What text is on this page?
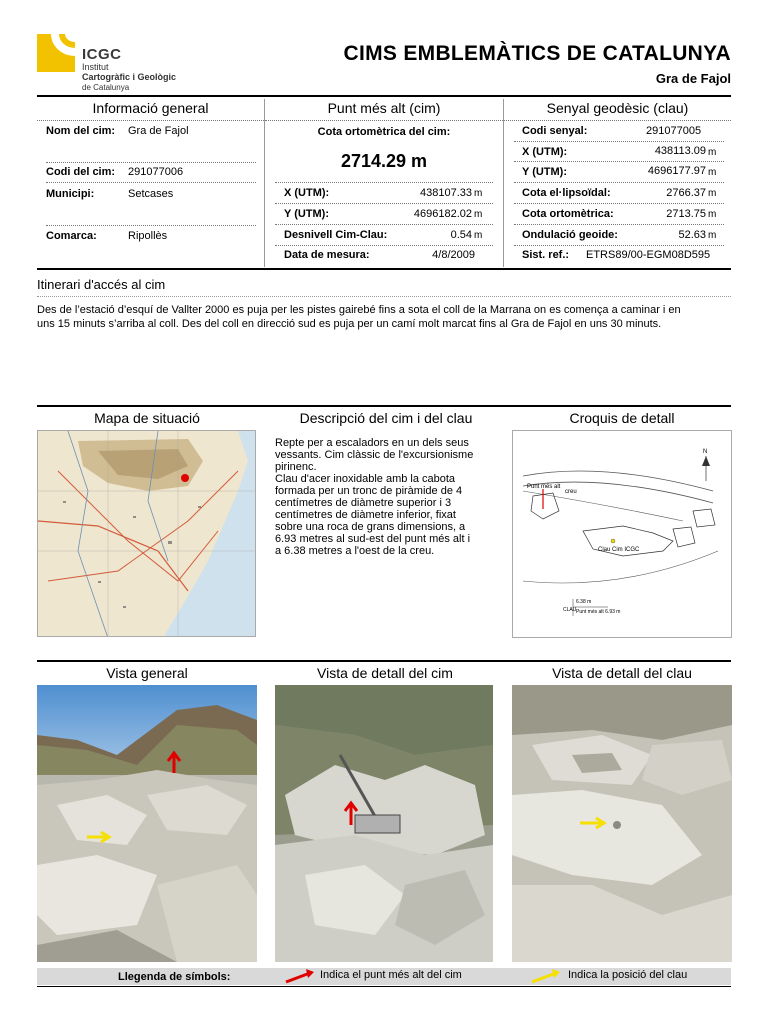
ICGC
Institut
Cartogràfic i Geològic
de Catalunya
CIMS EMBLEMÀTICS DE CATALUNYA
Gra de Fajol
Informació general
Nom del cim: Gra de Fajol
Codi del cim: 291077006
Municipi:	Setcases
Comarca:	Ripollès
Punt més alt (cim)
Cota ortomètrica del cim:
2714.29 m
X (UTM):	438107.33 m
Y (UTM):	4696182.02 m
Desnivell Cim-Clau:	0.54 m
Data de mesura:	4/8/2009
Senyal geodèsic (clau)
Codi senyal:	291077005
X (UTM):	438113.09 m
Y (UTM):	4696177.97 m
Cota el·lipsoïdal:	2766.37 m
Cota ortomètrica:	2713.75 m
Ondulació geoide:	52.63 m
Sist. ref.: ETRS89/00-EGM08D595
Itinerari d'accés al cim
Des de l’estació d’esquí de Vallter 2000 es puja per les pistes gairebé fins a sota el coll de la Marrana on es comença a caminar i en
uns 15 minuts s’arriba al coll. Des del coll en direcció sud es puja per un camí molt marcat fins al Gra de Fajol en uns 30 minuts.
Mapa de situació	Descripció del cim i del clau	Croquis de detall
Repte per a escaladors en un dels seus
vessants. Cim clàssic de l'excursionisme
pirinenc.
Clau d'acer inoxidable amb la cabota
formada per un tronc de piràmide de 4
centímetres de diàmetre superior i 3
centímetres de diàmetre inferior, fixat
sobre una roca de grans dimensions, a
6.93 metres al sud-est del punt més alt i
a 6.38 metres a l'oest de la creu.
Punt més alt
creu
Clau Cim ICGC
N
6.38 m
CLAU Punt més alt 6.93 m
Vista general	Vista de detall del cim	Vista de detall del clau
Llegenda de símbols:	Indica el punt més alt del cim	Indica la posició del clau
